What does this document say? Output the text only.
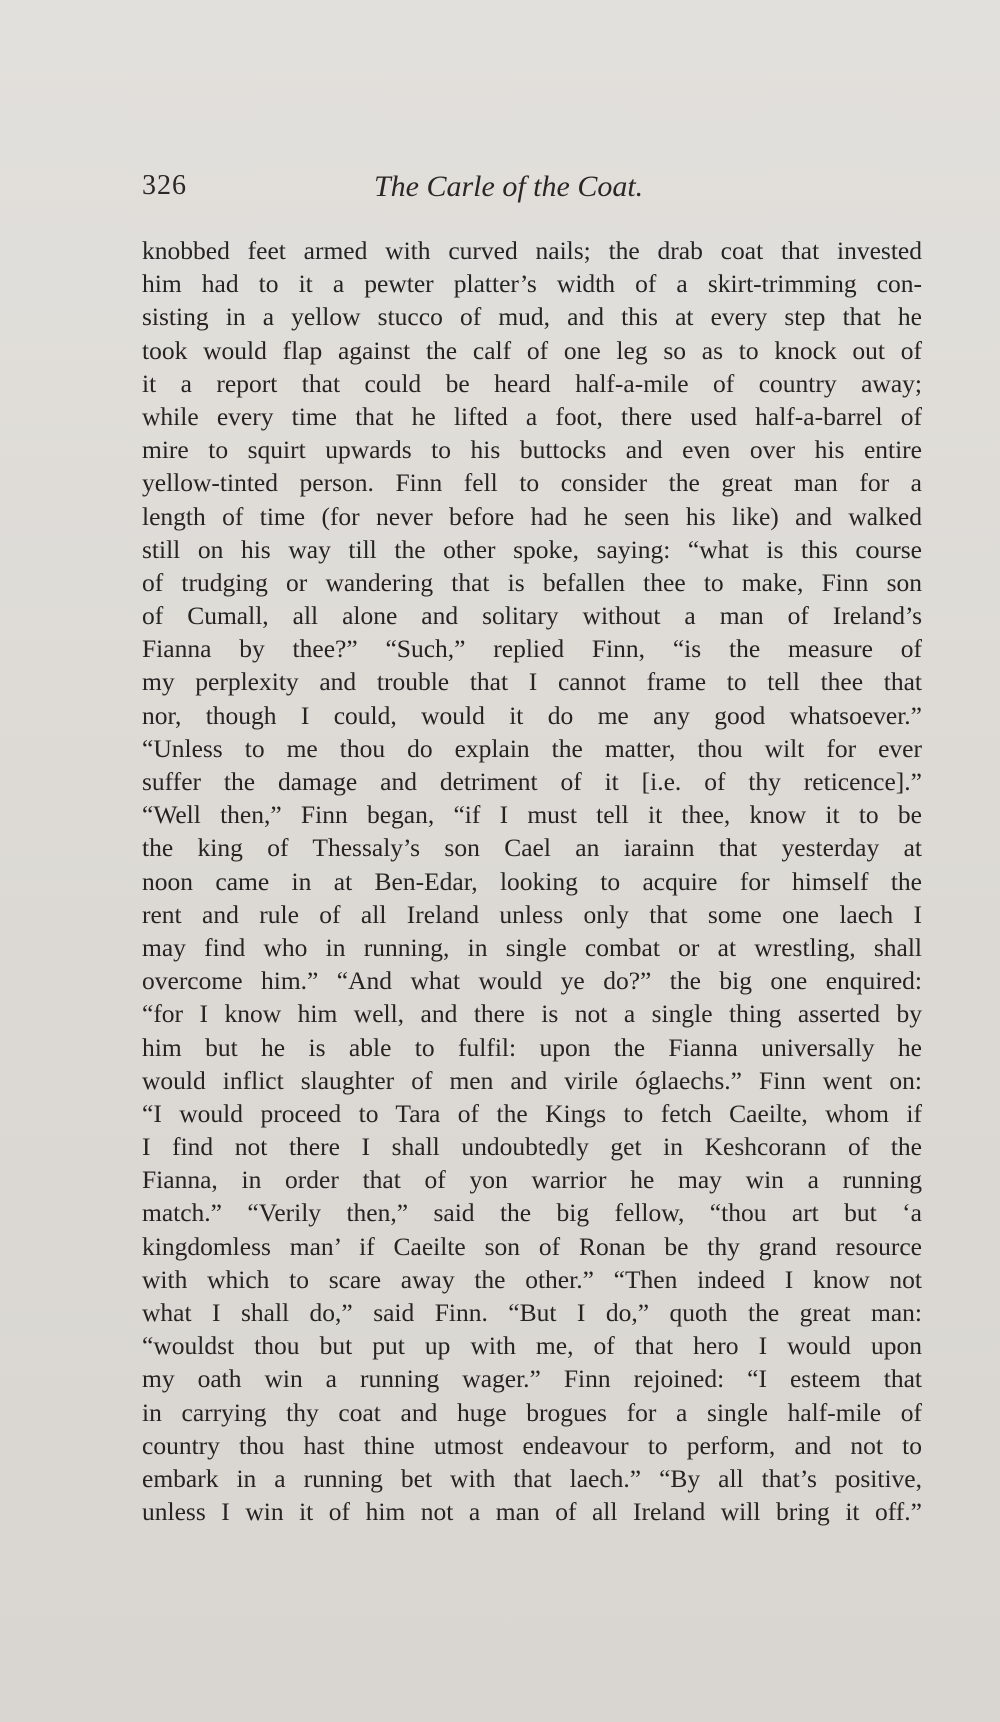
326	The Carle of the Coat.
knobbed feet armed with curved nails; the drab coat that invested
him had to it a pewter platter’s width of a skirt-trimming con-
sisting in a yellow stucco of mud, and this at every step that he
took would flap against the calf of one leg so as to knock out of
it a report that could be heard half-a-mile of country away;
while every time that he lifted a foot, there used half-a-barrel of
mire to squirt upwards to his buttocks and even over his entire
yellow-tinted person. Finn fell to consider the great man for a
length of time (for never before had he seen his like) and walked
still on his way till the other spoke, saying: “what is this course
of trudging or wandering that is befallen thee to make, Finn son
of Cumall, all alone and solitary without a man of Ireland’s
Fianna by thee?” “Such,” replied Finn, “is the measure of
my perplexity and trouble that I cannot frame to tell thee that
nor, though I could, would it do me any good whatsoever.”
“Unless to me thou do explain the matter, thou wilt for ever
suffer the damage and detriment of it [i.e. of thy reticence].”
“Well then,” Finn began, “if I must tell it thee, know it to be
the king of Thessaly’s son Cael an iarainn that yesterday at
noon came in at Ben-Edar, looking to acquire for himself the
rent and rule of all Ireland unless only that some one laech I
may find who in running, in single combat or at wrestling, shall
overcome him.” “And what would ye do?” the big one enquired:
“for I know him well, and there is not a single thing asserted by
him but he is able to fulfil: upon the Fianna universally he
would inflict slaughter of men and virile óglaechs.” Finn went on:
“I would proceed to Tara of the Kings to fetch Caeilte, whom if
I find not there I shall undoubtedly get in Keshcorann of the
Fianna, in order that of yon warrior he may win a running
match.” “Verily then,” said the big fellow, “thou art but ‘a
kingdomless man’ if Caeilte son of Ronan be thy grand resource
with which to scare away the other.” “Then indeed I know not
what I shall do,” said Finn. “But I do,” quoth the great man:
“wouldst thou but put up with me, of that hero I would upon
my oath win a running wager.” Finn rejoined: “I esteem that
in carrying thy coat and huge brogues for a single half-mile of
country thou hast thine utmost endeavour to perform, and not to
embark in a running bet with that laech.” “By all that’s positive,
unless I win it of him not a man of all Ireland will bring it off.”
